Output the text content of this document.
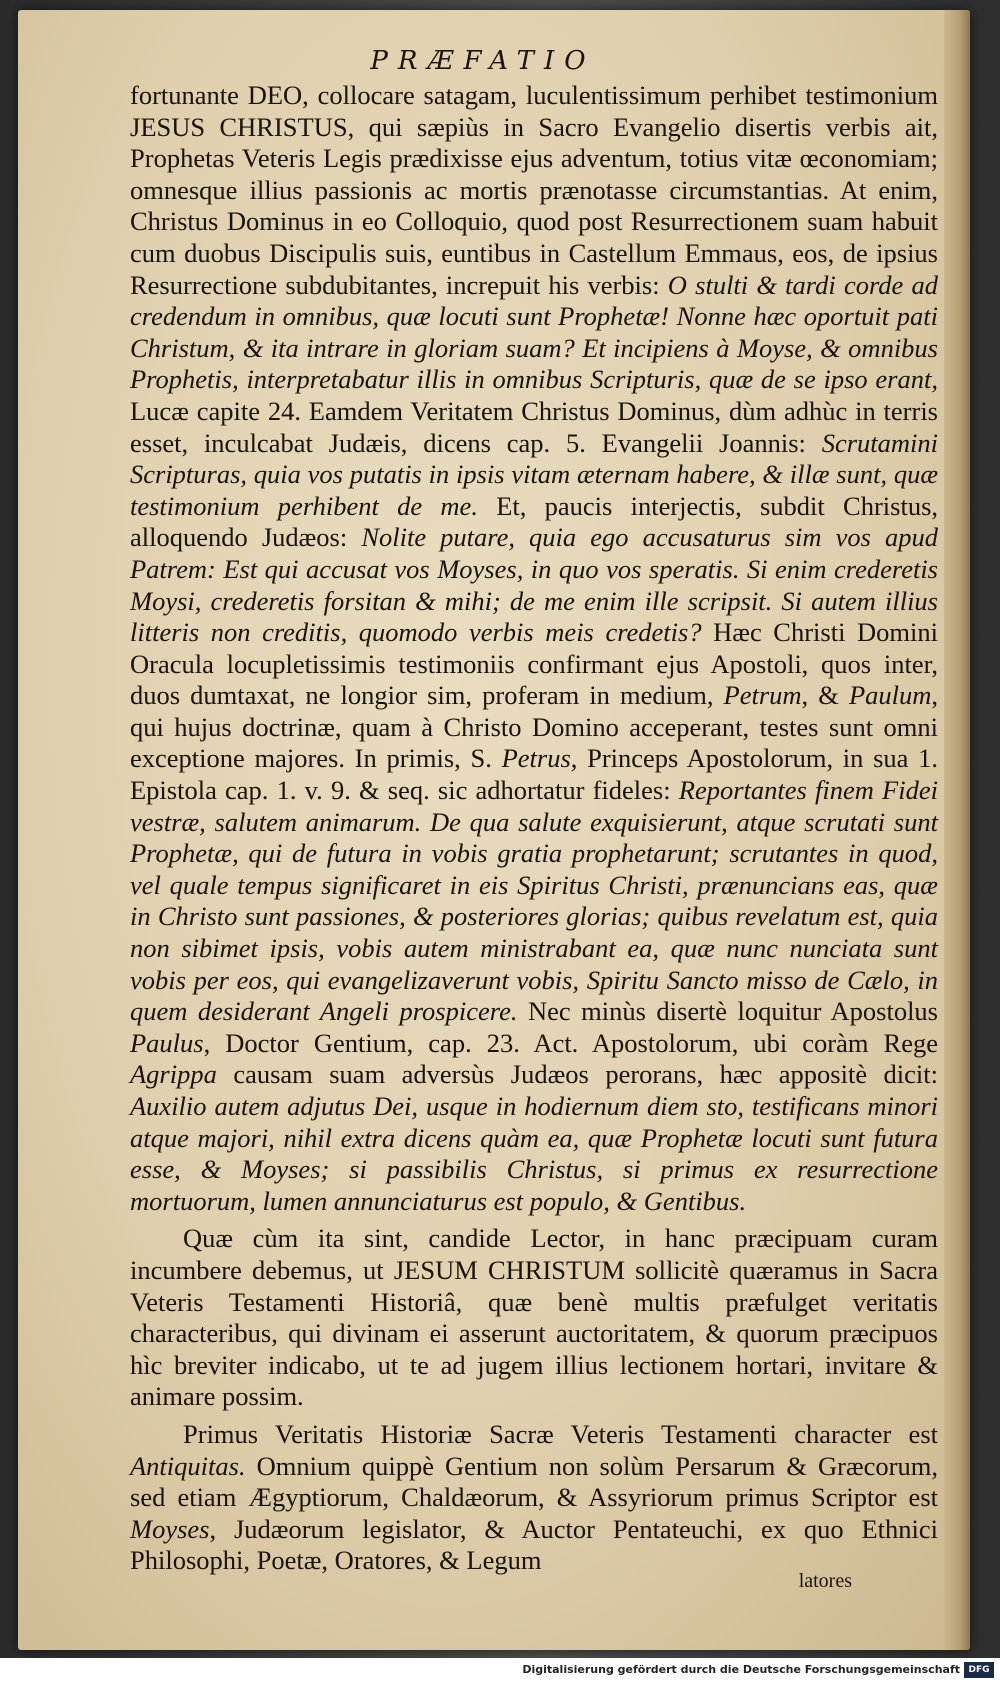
PRÆFATIO

fortunante DEO, collocare satagam, luculentissimum perhibet testimonium JESUS CHRISTUS, qui sæpiùs in Sacro Evangelio disertis verbis ait, Prophetas Veteris Legis prædixisse ejus adventum, totius vitæ œconomiam; omnesque illius passionis ac mortis prænotasse circumstantias. At enim, Christus Dominus in eo Colloquio, quod post Resurrectionem suam habuit cum duobus Discipulis suis, euntibus in Castellum Emmaus, eos, de ipsius Resurrectione subdubitantes, increpuit his verbis: O stulti & tardi corde ad credendum in omnibus, quæ locuti sunt Prophetæ! Nonne hæc oportuit pati Christum, & ita intrare in gloriam suam? Et incipiens à Moyse, & omnibus Prophetis, interpretabatur illis in omnibus Scripturis, quæ de se ipso erant, Lucæ capite 24. Eamdem Veritatem Christus Dominus, dùm adhùc in terris esset, inculcabat Judæis, dicens cap. 5. Evangelii Joannis: Scrutamini Scripturas, quia vos putatis in ipsis vitam æternam habere, & illæ sunt, quæ testimonium perhibent de me. Et, paucis interjectis, subdit Christus, alloquendo Judæos: Nolite putare, quia ego accusaturus sim vos apud Patrem: Est qui accusat vos Moyses, in quo vos speratis. Si enim crederetis Moysi, crederetis forsitan & mihi; de me enim ille scripsit. Si autem illius litteris non creditis, quomodo verbis meis credetis? Hæc Christi Domini Oracula locupletissimis testimoniis confirmant ejus Apostoli, quos inter, duos dumtaxat, ne longior sim, proferam in medium, Petrum, & Paulum, qui hujus doctrinæ, quam à Christo Domino acceperant, testes sunt omni exceptione majores. In primis, S. Petrus, Princeps Apostolorum, in sua 1. Epistola cap. 1. v. 9. & seq. sic adhortatur fideles: Reportantes finem Fidei vestræ, salutem animarum. De qua salute exquisierunt, atque scrutati sunt Prophetæ, qui de futura in vobis gratia prophetarunt; scrutantes in quod, vel quale tempus significaret in eis Spiritus Christi, prænuncians eas, quæ in Christo sunt passiones, & posteriores glorias; quibus revelatum est, quia non sibimet ipsis, vobis autem ministrabant ea, quæ nunc nunciata sunt vobis per eos, qui evangelizaverunt vobis, Spiritu Sancto misso de Cælo, in quem desiderant Angeli prospicere. Nec minùs disertè loquitur Apostolus Paulus, Doctor Gentium, cap. 23. Act. Apostolorum, ubi coràm Rege Agrippa causam suam adversùs Judæos perorans, hæc appositè dicit: Auxilio autem adjutus Dei, usque in hodiernum diem sto, testificans minori atque majori, nihil extra dicens quàm ea, quæ Prophetæ locuti sunt futura esse, & Moyses; si passibilis Christus, si primus ex resurrectione mortuorum, lumen annunciaturus est populo, & Gentibus.

Quæ cùm ita sint, candide Lector, in hanc præcipuam curam incumbere debemus, ut JESUM CHRISTUM sollicitè quæramus in Sacra Veteris Testamenti Historiâ, quæ benè multis præfulget veritatis characteribus, qui divinam ei asserunt auctoritatem, & quorum præcipuos hìc breviter indicabo, ut te ad jugem illius lectionem hortari, invitare & animare possim.

Primus Veritatis Historiæ Sacræ Veteris Testamenti character est Antiquitas. Omnium quippè Gentium non solùm Persarum & Græcorum, sed etiam Ægyptiorum, Chaldæorum, & Assyriorum primus Scriptor est Moyses, Judæorum legislator, & Auctor Pentateuchi, ex quo Ethnici Philosophi, Poetæ, Oratores, & Legum

latores
Digitalisierung gefördert durch die Deutsche Forschungsgemeinschaft DFG
